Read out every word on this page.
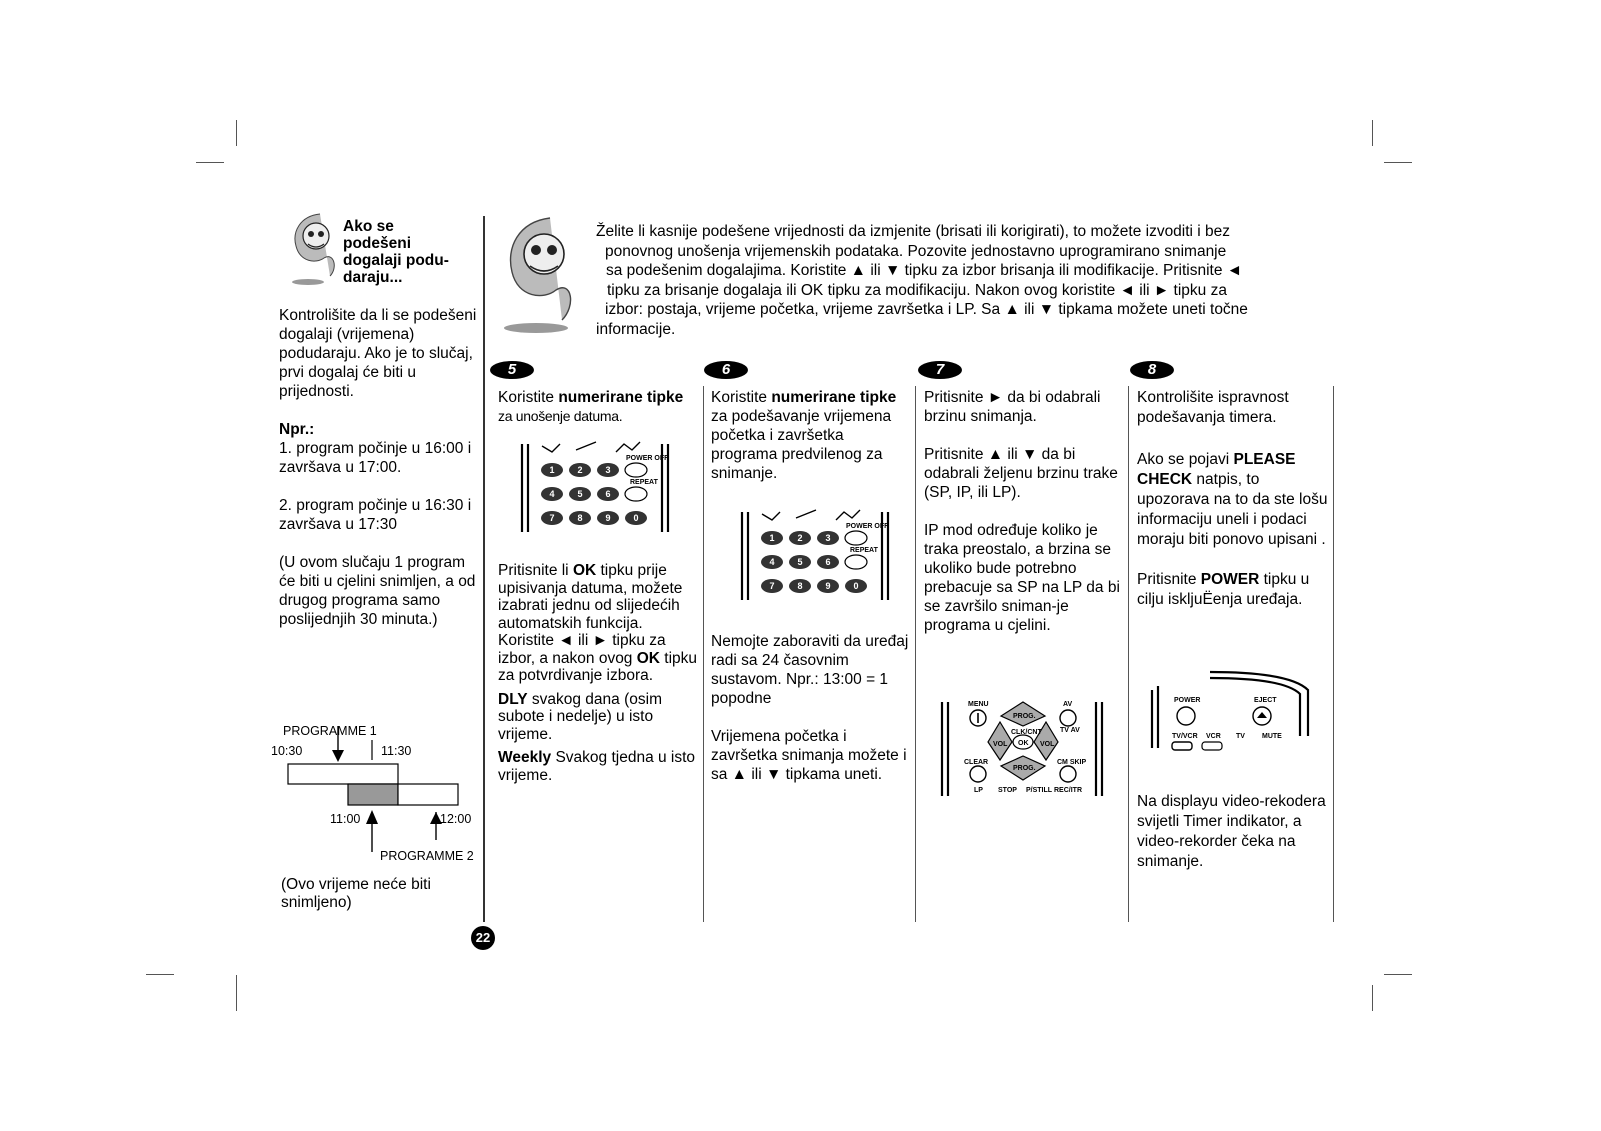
Ako se
podešeni
dogalaji podu-
daraju...

Kontrolišite da li se podešeni dogalaji (vrijemena) podudaraju. Ako je to slučaj, prvi dogalaj će biti u prijednosti.

Npr.:

1. program počinje u 16:00 i završava u 17:00.

2. program počinje u 16:30 i završava u 17:30

(U ovom slučaju 1 program će biti u cjelini snimljen, a od drugog programa samo poslijednjih 30 minuta.)

PROGRAMME 1
10:30	11:30
11:00	12:00
PROGRAMME 2
(Ovo vrijeme neće biti snimljeno)
Želite li kasnije podešene vrijednosti da izmjenite (brisati ili korigirati), to možete izvoditi i bez
ponovnog unošenja vrijemenskih podataka. Pozovite jednostavno uprogramirano snimanje
sa podešenim dogalajima. Koristite ▲ ili ▼ tipku za izbor brisanja ili modifikacije. Pritisnite ◄
tipku za brisanje dogalaja ili OK tipku za modifikaciju. Nakon ovog koristite ◄ ili ► tipku za
izbor: postaja, vrijeme početka, vrijeme završetka i LP. Sa ▲ ili ▼ tipkama možete uneti točne
informacije.
5	6	7	8
Koristite numerirane tipke za unošenje datuma.
1	2	3
4	5	6
7	8	9	0
POWER OFF
REPEAT

Pritisnite li OK tipku prije upisivanja datuma, možete izabrati jednu od slijedećih automatskih funkcija. Koristite ◄ ili ► tipku za izbor, a nakon ovog OK tipku za potvrdivanje izbora.

DLY svakog dana (osim subote i nedelje) u isto vrijeme.

Weekly Svakog tjedna u isto vrijeme.

Koristite numerirane tipke za podešavanje vrijemena početka i završetka programa predvilenog za snimanje.
1	2	3
4	5	6
7	8	9	0
POWER OFF
REPEAT

Nemojte zaboraviti da uređaj radi sa 24 časovnim sustavom. Npr.: 13:00 = 1 popodne

Vrijemena početka i završetka snimanja možete i sa ▲ ili ▼ tipkama uneti.

Pritisnite ► da bi odabrali brzinu snimanja.

Pritisnite ▲ ili ▼ da bi odabrali željenu brzinu trake (SP, IP, ili LP).

IP mod određuje koliko je traka preostalo, a brzina se ukoliko bude potrebno prebacuje sa SP na LP da bi se završilo sniman-je programa u cjelini.

MENU	AV
PROG.
CLK/CNT
OK
VOL	VOL
TV AV
CLEAR	CM SKIP
PROG.
LP STOP P/STILL REC/ITR

Kontrolišite ispravnost podešavanja timera.

Ako se pojavi PLEASE CHECK natpis, to upozorava na to da ste lošu informaciju uneli i podaci moraju biti ponovo upisani .

Pritisnite POWER tipku u cilju iskljuËenja uređaja.

POWER	EJECT
TV/VCR VCR TV MUTE

Na displayu video-rekodera svijetli Timer indikator, a video-rekorder čeka na snimanje.

22
